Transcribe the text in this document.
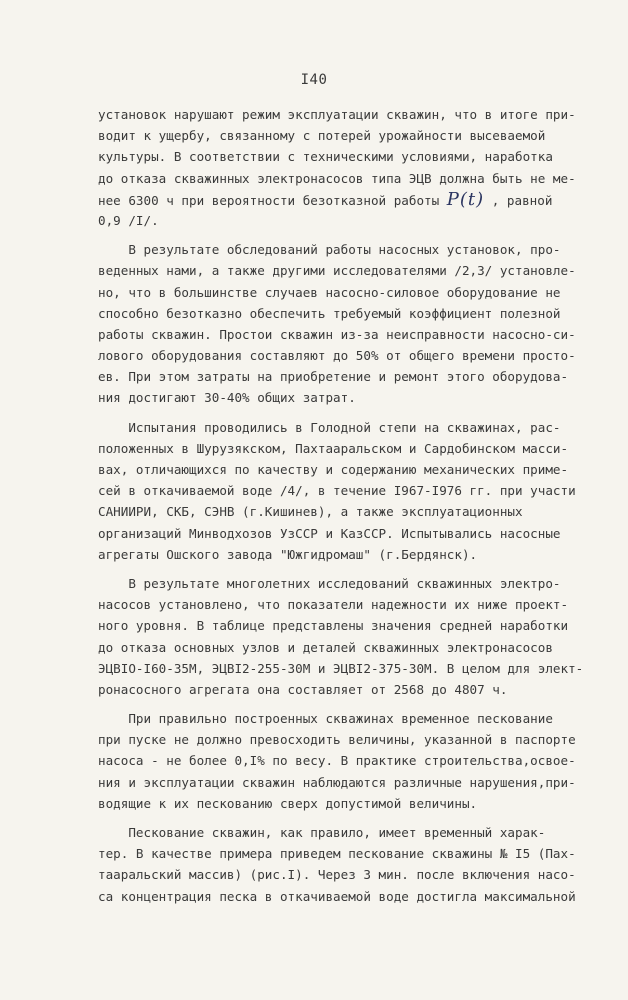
I40
установок нарушают режим эксплуатации скважин, что в итоге при-
водит к ущербу, связанному с потерей урожайности высеваемой
культуры. В соответствии с техническими условиями, наработка
до отказа скважинных электронасосов типа ЭЦВ должна быть не ме-
нее 6300 ч при вероятности безотказной работы P(t) , равной
0,9 /I/.
В результате обследований работы насосных установок, про-
веденных нами, а также другими исследователями /2,3/ установле-
но, что в большинстве случаев насосно-силовое оборудование не
способно безотказно обеспечить требуемый коэффициент полезной
работы скважин. Простои скважин из-за неисправности насосно-си-
лового оборудования составляют до 50% от общего времени просто-
ев. При этом затраты на приобретение и ремонт этого оборудова-
ния достигают 30-40% общих затрат.
Испытания проводились в Голодной степи на скважинах, рас-
положенных в Шурузякском, Пахтааральском и Сардобинском масси-
вах, отличающихся по качеству и содержанию механических приме-
сей в откачиваемой воде /4/, в течение I967-I976 гг. при участи
САНИИРИ, СКБ, СЭНВ (г.Кишинев), а также эксплуатационных
организаций Минводхозов УзССР и КазССР. Испытывались насосные
агрегаты Ошского завода "Южгидромаш" (г.Бердянск).
В результате многолетних исследований скважинных электро-
насосов установлено, что показатели надежности их ниже проект-
ного уровня. В таблице представлены значения средней наработки
до отказа основных узлов и деталей скважинных электронасосов
ЭЦВIO-I60-35M, ЭЦВI2-255-30M и ЭЦВI2-375-30M. В целом для элект-
ронасосного агрегата она составляет от 2568 до 4807 ч.
При правильно построенных скважинах временное пескование
при пуске не должно превосходить величины, указанной в паспорте
насоса - не более 0,I% по весу. В практике строительства,освое-
ния и эксплуатации скважин наблюдаются различные нарушения,при-
водящие к их пескованию сверх допустимой величины.
Пескование скважин, как правило, имеет временный харак-
тер. В качестве примера приведем пескование скважины № I5 (Пах-
тааральский массив) (рис.I). Через 3 мин. после включения насо-
са концентрация песка в откачиваемой воде достигла максимальной
